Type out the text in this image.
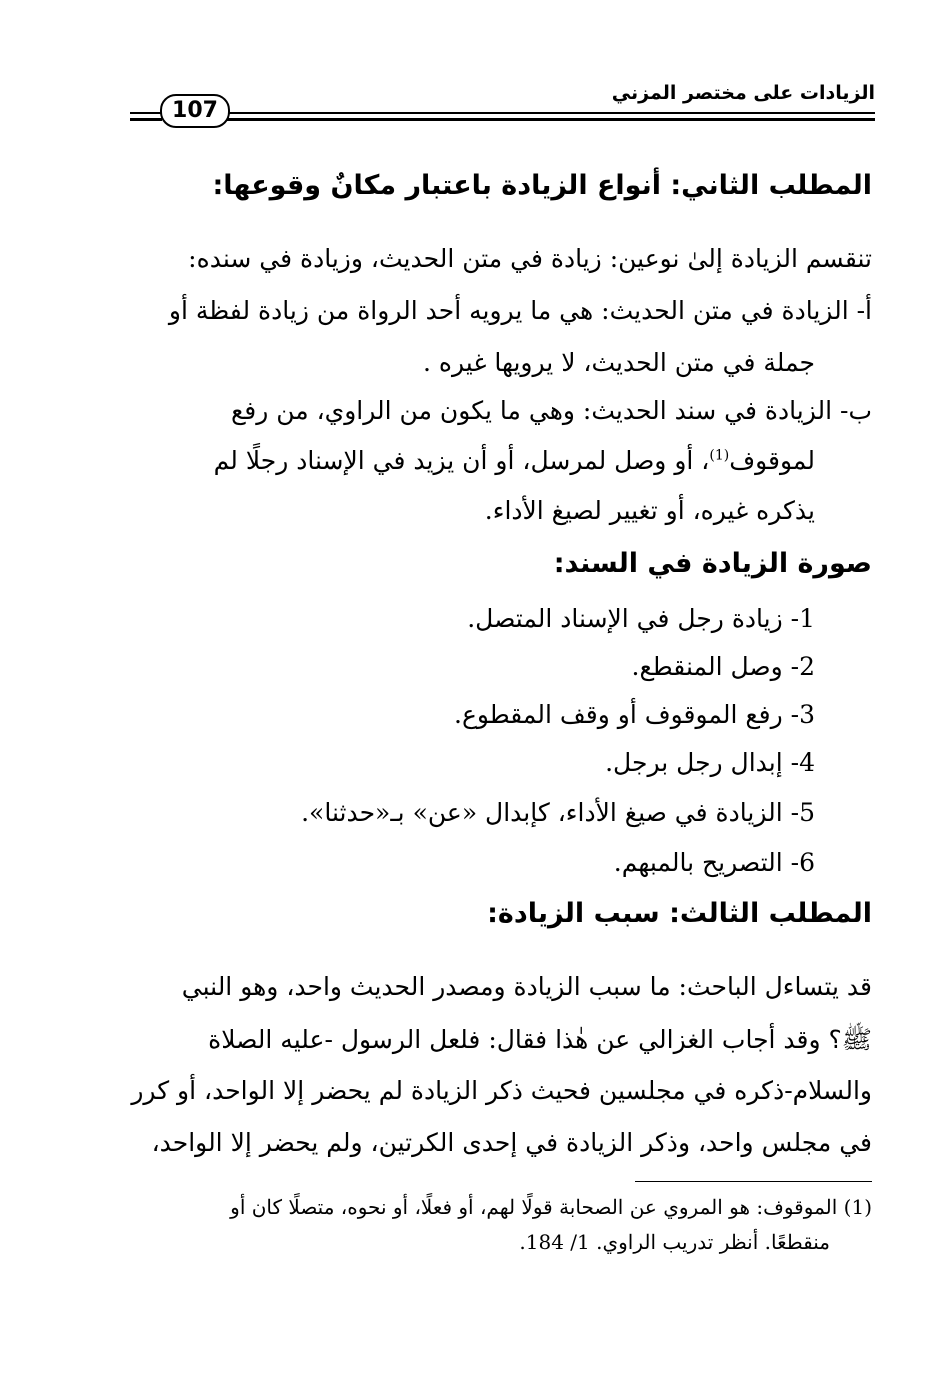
107
الزيادات على مختصر المزني
المطلب الثاني: أنواع الزيادة باعتبار مكانٌ وقوعها:
تنقسم الزيادة إلىٰ نوعين: زيادة في متن الحديث، وزيادة في سنده:
أ- الزيادة في متن الحديث: هي ما يرويه أحد الرواة من زيادة لفظة أو
جملة في متن الحديث، لا يرويها غيره .
ب- الزيادة في سند الحديث: وهي ما يكون من الراوي، من رفع
لموقوف$^{(1)}$، أو وصل لمرسل، أو أن يزيد في الإسناد رجلًا لم
يذكره غيره، أو تغيير لصيغ الأداء.
صورة الزيادة في السند:
1- زيادة رجل في الإسناد المتصل.
2- وصل المنقطع.
3- رفع الموقوف أو وقف المقطوع.
4- إبدال رجل برجل.
5- الزيادة في صيغ الأداء، كإبدال «عن» بـ«حدثنا».
6- التصريح بالمبهم.
المطلب الثالث: سبب الزيادة:
قد يتساءل الباحث: ما سبب الزيادة ومصدر الحديث واحد، وهو النبي
ﷺ؟ وقد أجاب الغزالي عن هٰذا فقال: فلعل الرسول -عليه الصلاة
والسلام-ذكره في مجلسين فحيث ذكر الزيادة لم يحضر إلا الواحد، أو كرر
في مجلس واحد، وذكر الزيادة في إحدى الكرتين، ولم يحضر إلا الواحد،
(1) الموقوف: هو المروي عن الصحابة قولًا لهم، أو فعلًا، أو نحوه، متصلًا كان أو
منقطعًا. أنظر تدريب الراوي. 1/ 184.
